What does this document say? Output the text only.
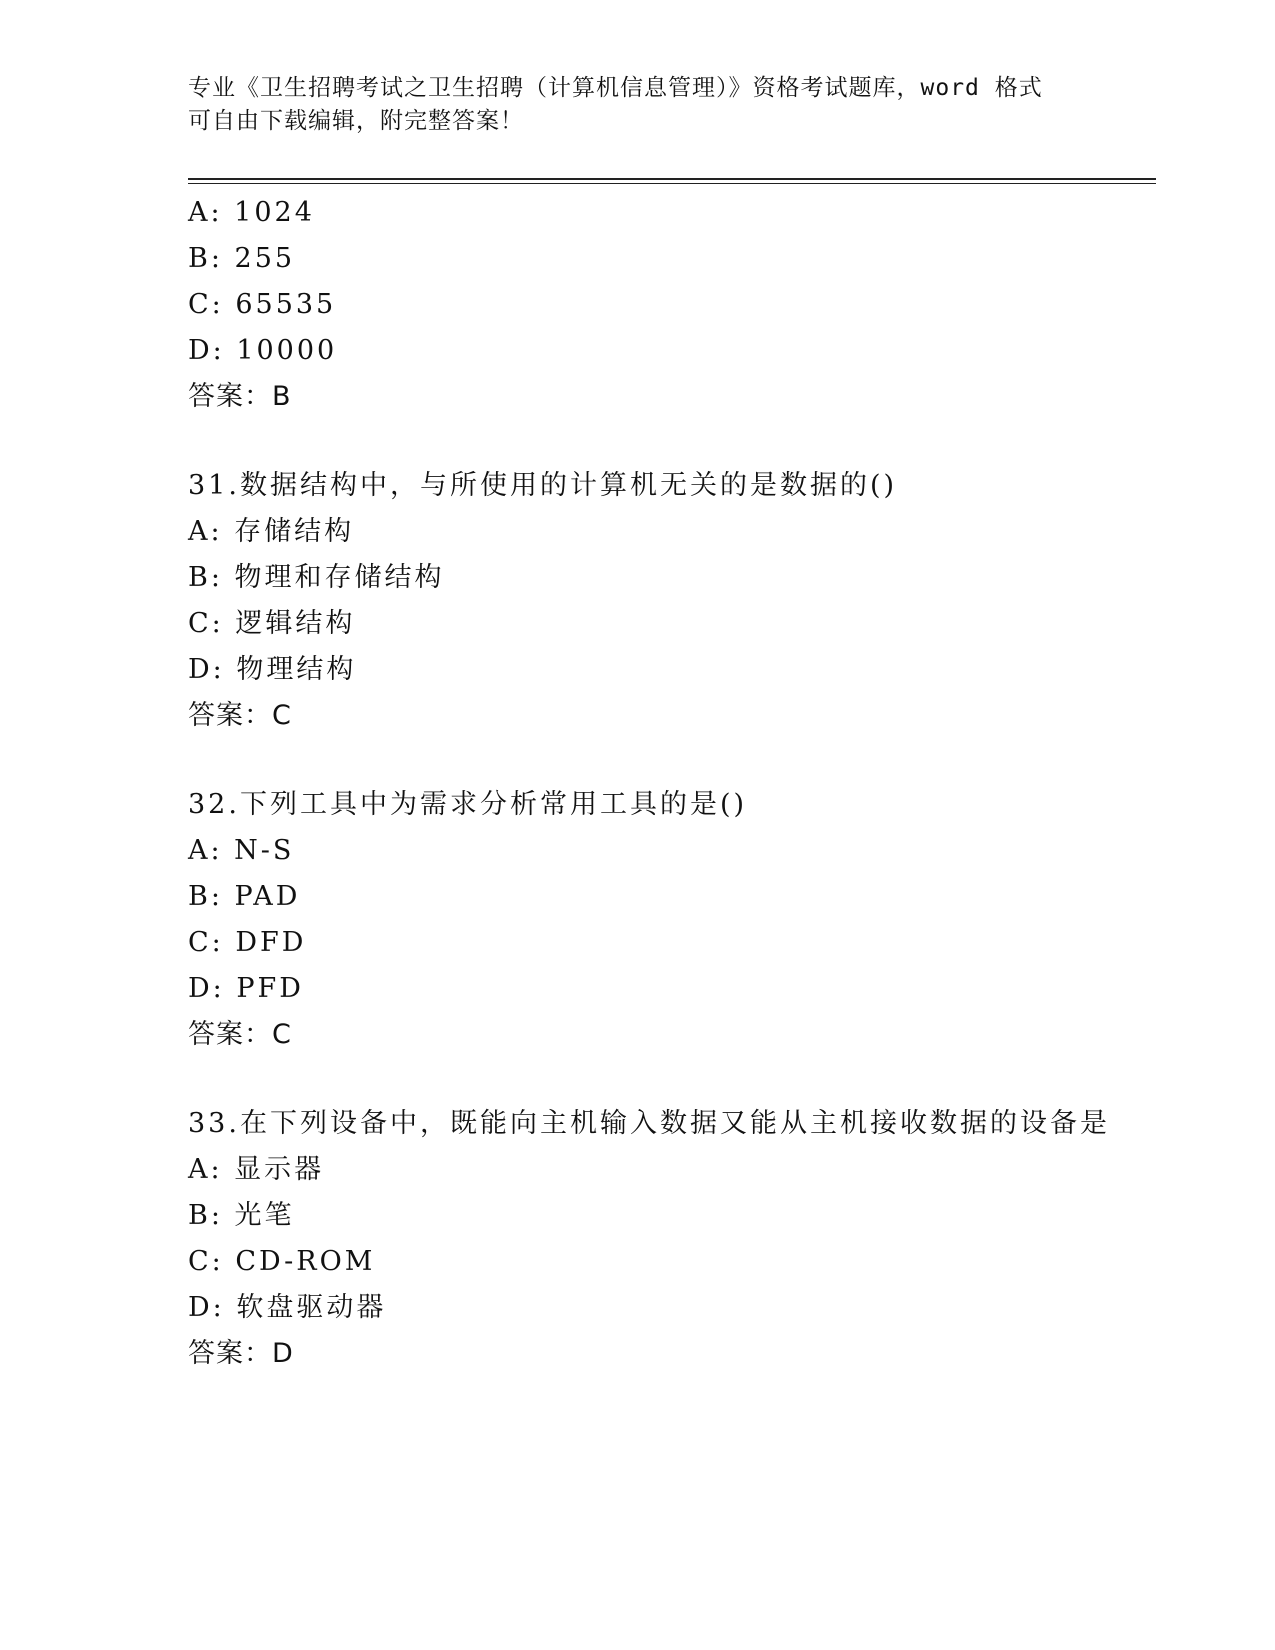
专业《卫生招聘考试之卫生招聘（计算机信息管理）》资格考试题库，word 格式
可自由下载编辑，附完整答案！
A: 1024
B: 255
C: 65535
D: 10000
答案：B
31.数据结构中，与所使用的计算机无关的是数据的()
A: 存储结构
B: 物理和存储结构
C: 逻辑结构
D: 物理结构
答案：C
32.下列工具中为需求分析常用工具的是()
A: N-S
B: PAD
C: DFD
D: PFD
答案：C
33.在下列设备中，既能向主机输入数据又能从主机接收数据的设备是
A: 显示器
B: 光笔
C: CD-ROM
D: 软盘驱动器
答案：D
